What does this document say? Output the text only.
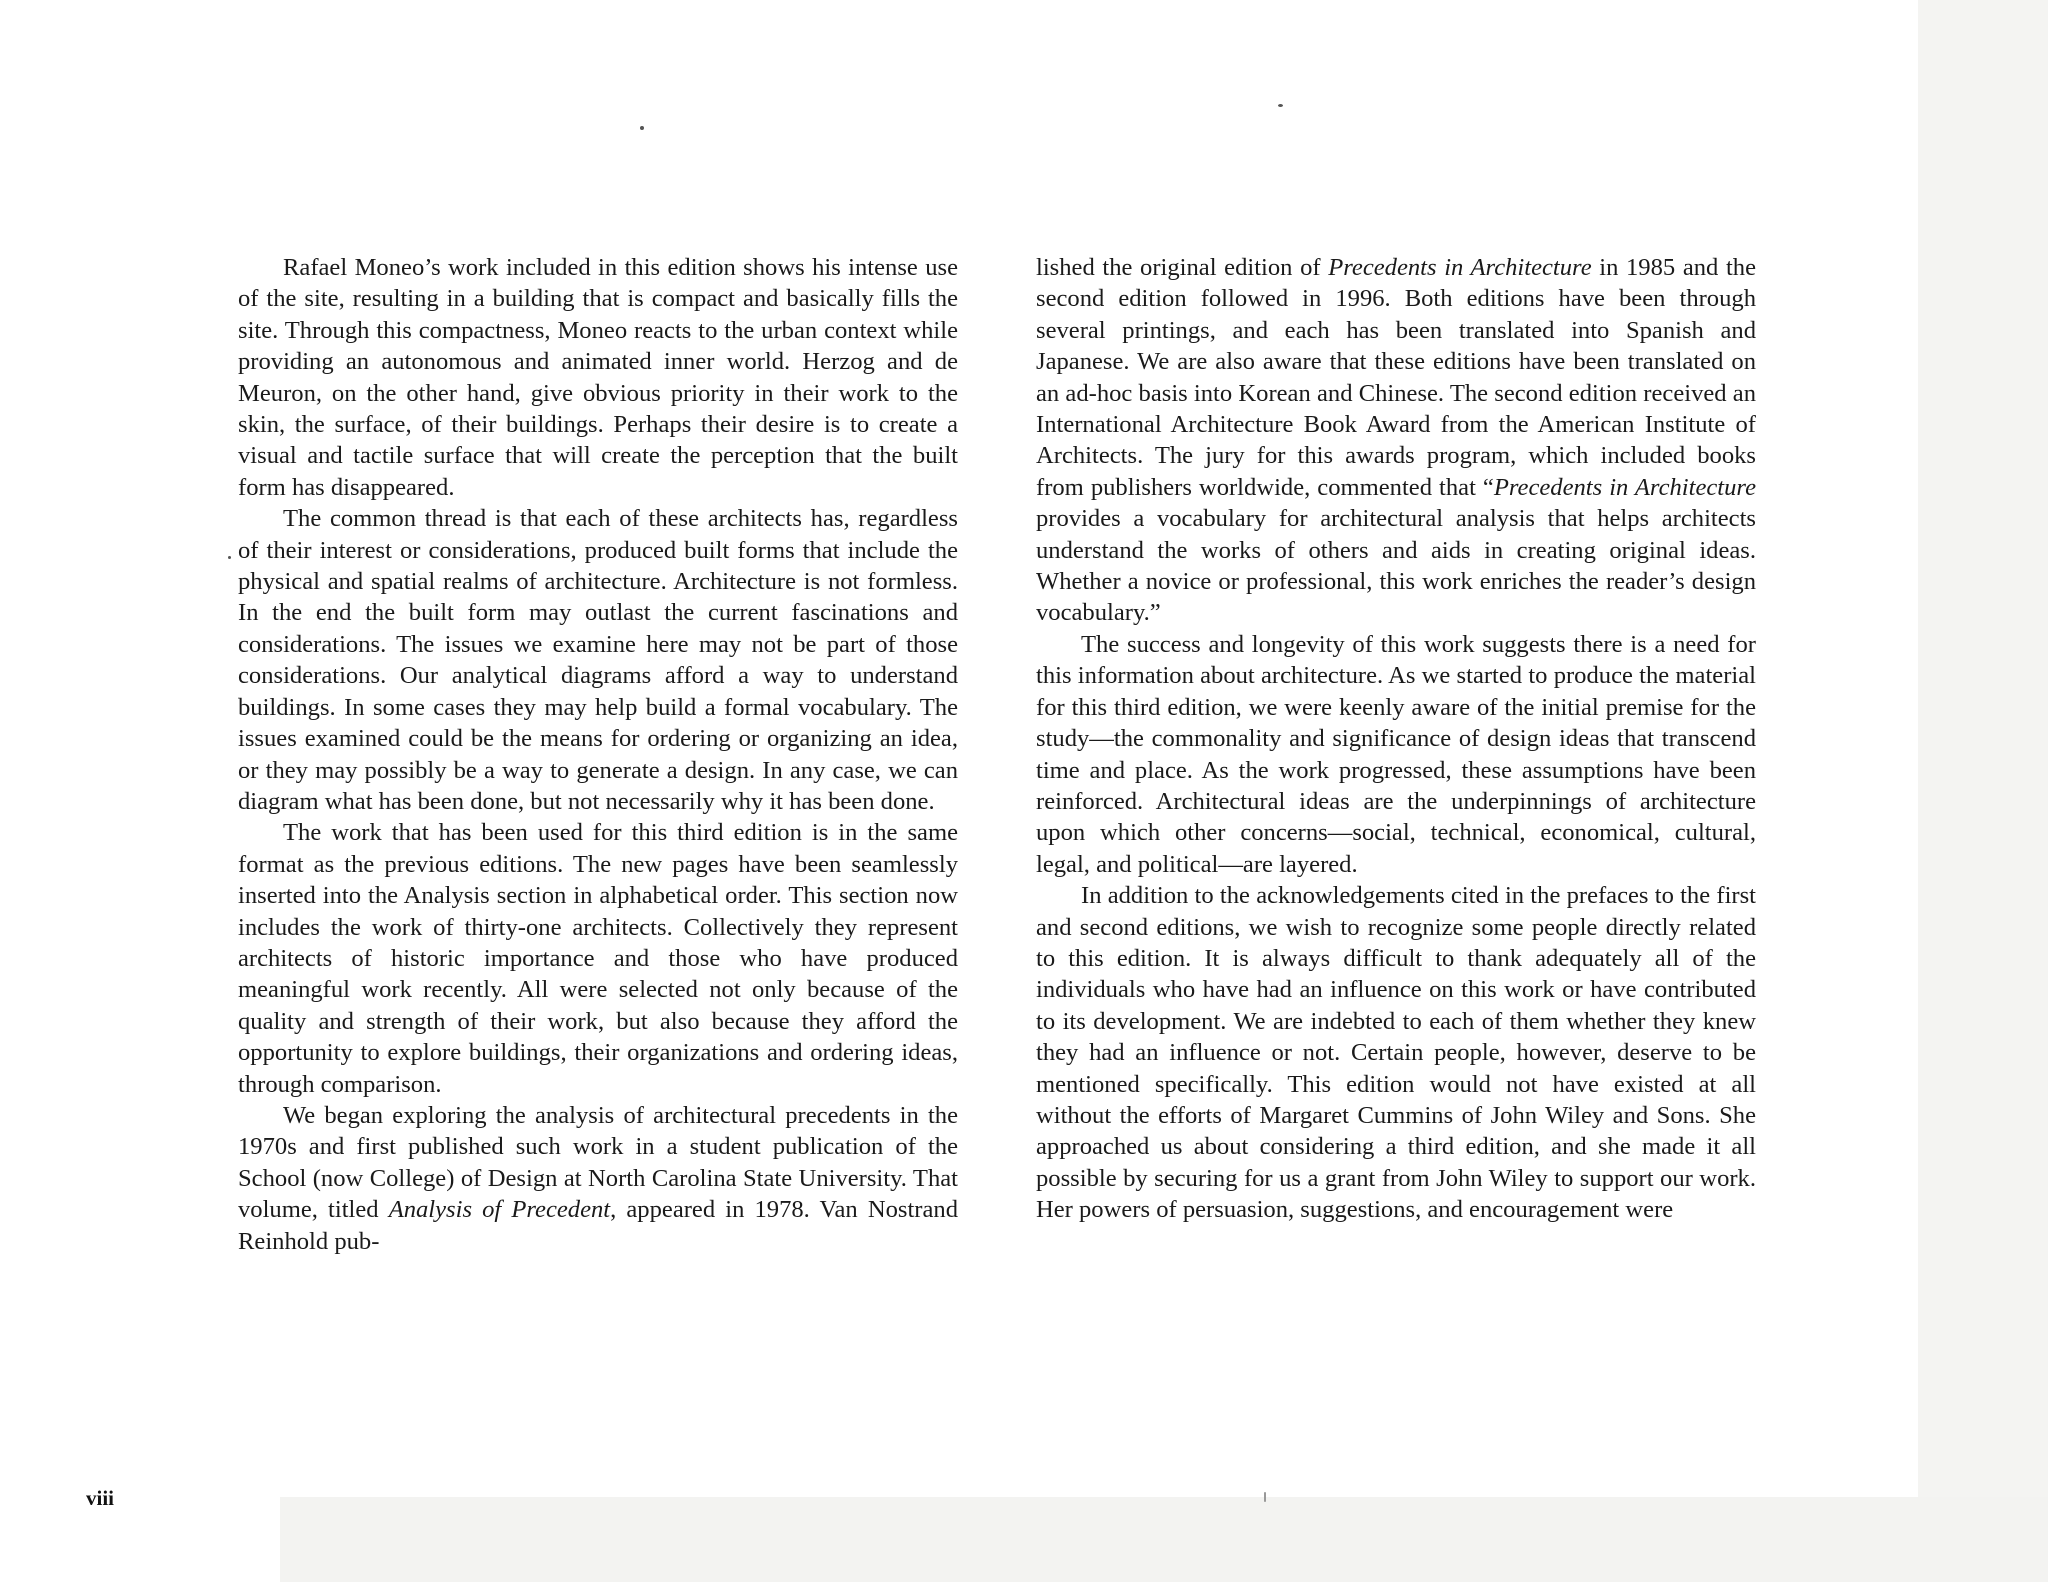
Rafael Moneo’s work included in this edition shows his intense use of the site, resulting in a building that is compact and basically fills the site. Through this compactness, Moneo reacts to the urban context while providing an autonomous and animated inner world. Herzog and de Meuron, on the other hand, give obvious priority in their work to the skin, the surface, of their buildings. Perhaps their desire is to create a visual and tactile surface that will create the perception that the built form has disappeared.

The common thread is that each of these architects has, regardless of their interest or considerations, produced built forms that include the physical and spatial realms of architecture. Architecture is not formless. In the end the built form may outlast the current fascinations and considerations. The issues we examine here may not be part of those considerations. Our analytical diagrams afford a way to understand buildings. In some cases they may help build a formal vocabulary. The issues examined could be the means for ordering or organizing an idea, or they may possibly be a way to generate a design. In any case, we can diagram what has been done, but not necessarily why it has been done.

The work that has been used for this third edition is in the same format as the previous editions. The new pages have been seamlessly inserted into the Analysis section in alphabetical order. This section now includes the work of thirty-one architects. Collectively they represent architects of historic importance and those who have produced meaningful work recently. All were selected not only because of the quality and strength of their work, but also because they afford the opportunity to explore buildings, their organizations and ordering ideas, through comparison.

We began exploring the analysis of architectural precedents in the 1970s and first published such work in a student publication of the School (now College) of Design at North Carolina State University. That volume, titled Analysis of Precedent, appeared in 1978. Van Nostrand Reinhold pub-

lished the original edition of Precedents in Architecture in 1985 and the second edition followed in 1996. Both editions have been through several printings, and each has been translated into Spanish and Japanese. We are also aware that these editions have been translated on an ad-hoc basis into Korean and Chinese. The second edition received an International Architecture Book Award from the American Institute of Architects. The jury for this awards program, which included books from publishers worldwide, commented that “Precedents in Architecture provides a vocabulary for architectural analysis that helps architects understand the works of others and aids in creating original ideas. Whether a novice or professional, this work enriches the reader’s design vocabulary.”

The success and longevity of this work suggests there is a need for this information about architecture. As we started to produce the material for this third edition, we were keenly aware of the initial premise for the study—the commonality and significance of design ideas that transcend time and place. As the work progressed, these assumptions have been reinforced. Architectural ideas are the underpinnings of architecture upon which other concerns—social, technical, economical, cultural, legal, and political—are layered.

In addition to the acknowledgements cited in the prefaces to the first and second editions, we wish to recognize some people directly related to this edition. It is always difficult to thank adequately all of the individuals who have had an influence on this work or have contributed to its development. We are indebted to each of them whether they knew they had an influence or not. Certain people, however, deserve to be mentioned specifically. This edition would not have existed at all without the efforts of Margaret Cummins of John Wiley and Sons. She approached us about considering a third edition, and she made it all possible by securing for us a grant from John Wiley to support our work. Her powers of persuasion, suggestions, and encouragement were

viii
